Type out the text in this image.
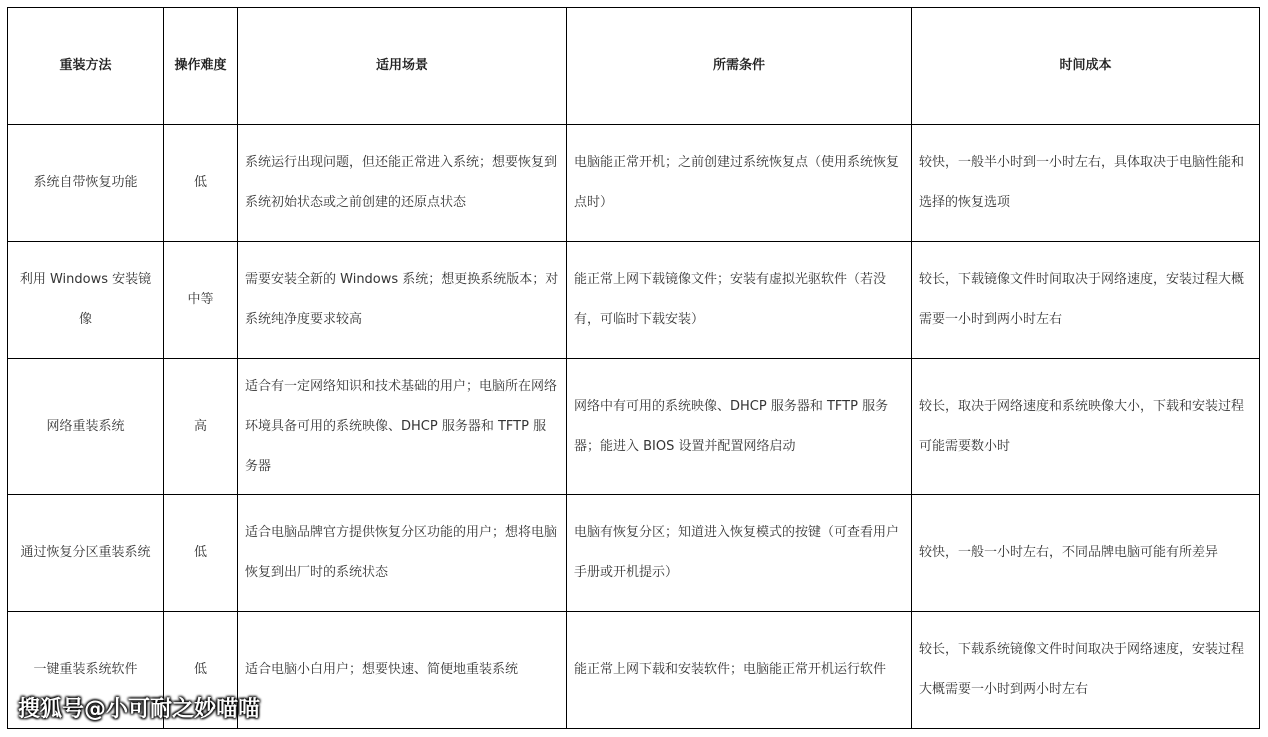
重装方法	操作难度	适用场景	所需条件	时间成本
系统自带恢复功能	低	系统运行出现问题，但还能正常进入系统；想要恢复到系统初始状态或之前创建的还原点状态	电脑能正常开机；之前创建过系统恢复点（使用系统恢复点时）	较快，一般半小时到一小时左右，具体取决于电脑性能和选择的恢复选项
利用 Windows 安装镜像	中等	需要安装全新的 Windows 系统；想更换系统版本；对系统纯净度要求较高	能正常上网下载镜像文件；安装有虚拟光驱软件（若没有，可临时下载安装）	较长，下载镜像文件时间取决于网络速度，安装过程大概需要一小时到两小时左右
网络重装系统	高	适合有一定网络知识和技术基础的用户；电脑所在网络环境具备可用的系统映像、DHCP 服务器和 TFTP 服务器	网络中有可用的系统映像、DHCP 服务器和 TFTP 服务器；能进入 BIOS 设置并配置网络启动	较长，取决于网络速度和系统映像大小，下载和安装过程可能需要数小时
通过恢复分区重装系统	低	适合电脑品牌官方提供恢复分区功能的用户；想将电脑恢复到出厂时的系统状态	电脑有恢复分区；知道进入恢复模式的按键（可查看用户手册或开机提示）	较快，一般一小时左右，不同品牌电脑可能有所差异
一键重装系统软件	低	适合电脑小白用户；想要快速、简便地重装系统	能正常上网下载和安装软件；电脑能正常开机运行软件	较长，下载系统镜像文件时间取决于网络速度，安装过程大概需要一小时到两小时左右
搜狐号@小可耐之妙喵喵
